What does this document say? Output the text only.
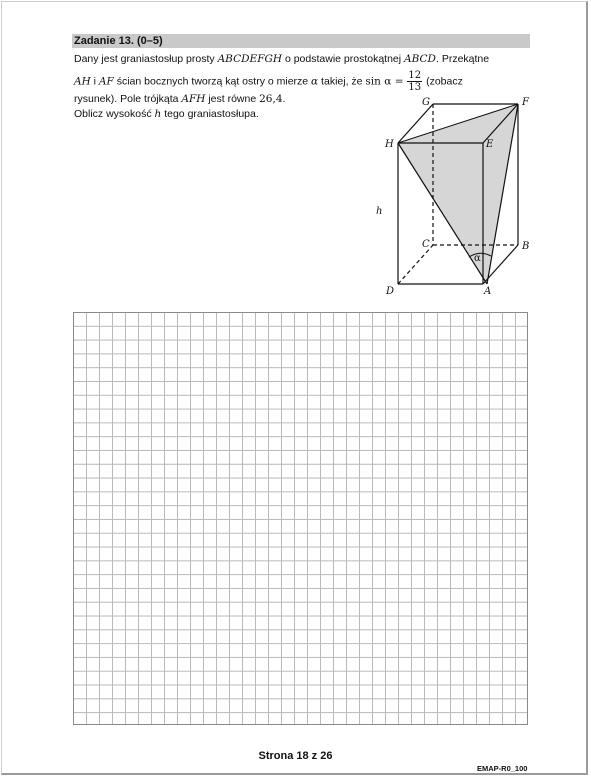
Zadanie 13. (0–5)
Dany jest graniastosłup prosty ABCDEFGH o podstawie prostokątnej ABCD. Przekątne
AH i AF ścian bocznych tworzą kąt ostry o mierze α takiej, że $\sin \alpha = \frac{12}{13}$ (zobacz
rysunek). Pole trójkąta AFH jest równe 26,4.
Oblicz wysokość h tego graniastosłupa.
G	F
H	E
C	B
D	A
h
α
Strona 18 z 26
EMAP-R0_100
